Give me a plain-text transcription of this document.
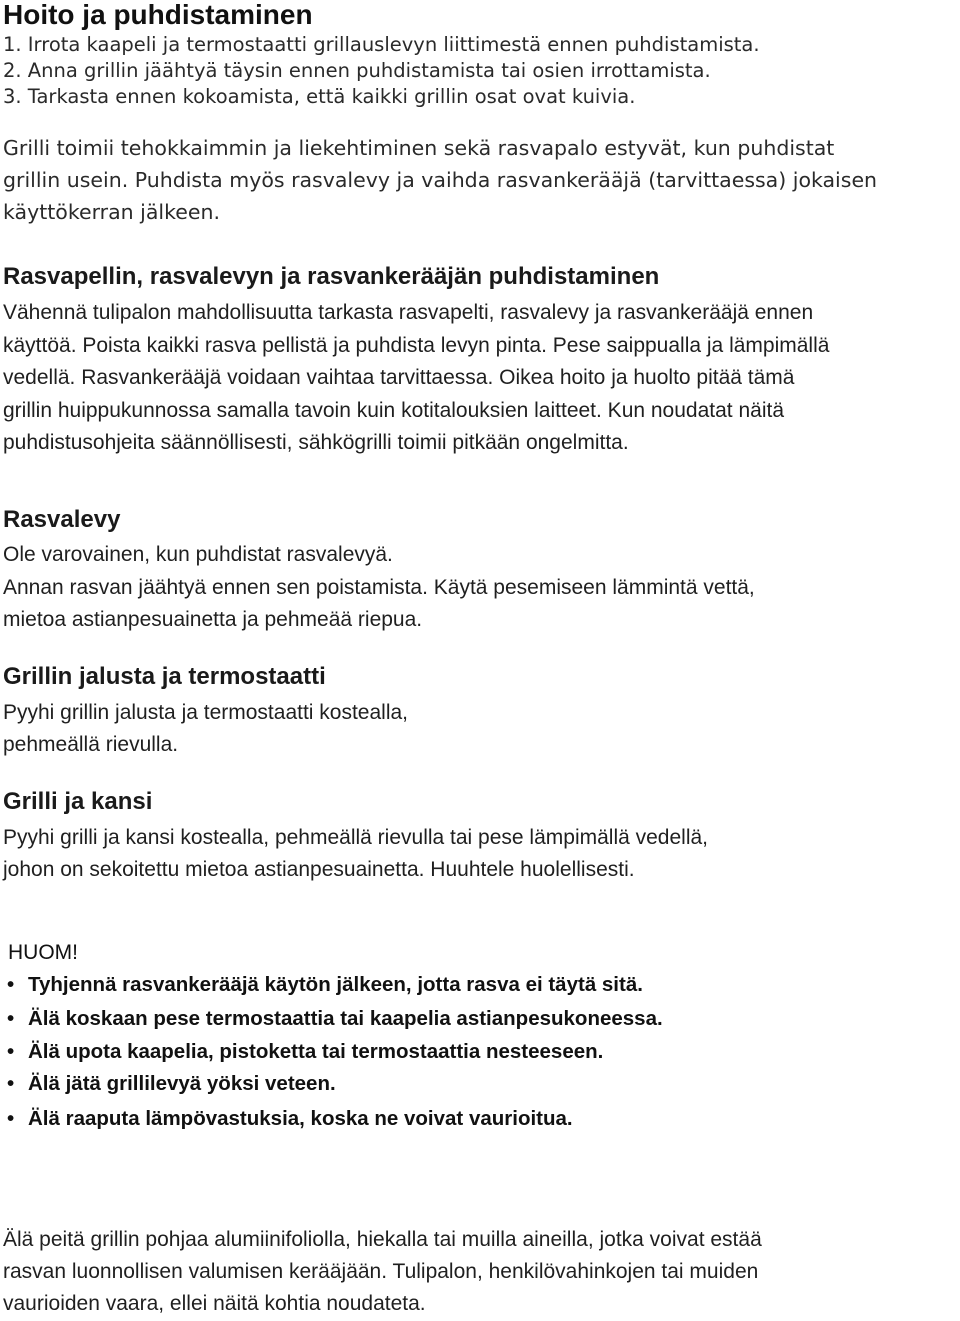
Hoito ja puhdistaminen
1. Irrota kaapeli ja termostaatti grillauslevyn liittimestä ennen puhdistamista.
2. Anna grillin jäähtyä täysin ennen puhdistamista tai osien irrottamista.
3. Tarkasta ennen kokoamista, että kaikki grillin osat ovat kuivia.
Grilli toimii tehokkaimmin ja liekehtiminen sekä rasvapalo estyvät, kun puhdistat
grillin usein. Puhdista myös rasvalevy ja vaihda rasvankerääjä (tarvittaessa) jokaisen
käyttökerran jälkeen.
Rasvapellin, rasvalevyn ja rasvankerääjän puhdistaminen
Vähennä tulipalon mahdollisuutta tarkasta rasvapelti, rasvalevy ja rasvankerääjä ennen
käyttöä. Poista kaikki rasva pellistä ja puhdista levyn pinta. Pese saippualla ja lämpimällä
vedellä. Rasvankerääjä voidaan vaihtaa tarvittaessa. Oikea hoito ja huolto pitää tämä
grillin huippukunnossa samalla tavoin kuin kotitalouksien laitteet. Kun noudatat näitä
puhdistusohjeita säännöllisesti, sähkögrilli toimii pitkään ongelmitta.
Rasvalevy
Ole varovainen, kun puhdistat rasvalevyä.
Annan rasvan jäähtyä ennen sen poistamista. Käytä pesemiseen lämmintä vettä,
mietoa astianpesuainetta ja pehmeää riepua.
Grillin jalusta ja termostaatti
Pyyhi grillin jalusta ja termostaatti kostealla,
pehmeällä rievulla.
Grilli ja kansi
Pyyhi grilli ja kansi kostealla, pehmeällä rievulla tai pese lämpimällä vedellä,
johon on sekoitettu mietoa astianpesuainetta. Huuhtele huolellisesti.
HUOM!
• Tyhjennä rasvankerääjä käytön jälkeen, jotta rasva ei täytä sitä.
• Älä koskaan pese termostaattia tai kaapelia astianpesukoneessa.
• Älä upota kaapelia, pistoketta tai termostaattia nesteeseen.
• Älä jätä grillilevyä yöksi veteen.
• Älä raaputa lämpövastuksia, koska ne voivat vaurioitua.
Älä peitä grillin pohjaa alumiinifoliolla, hiekalla tai muilla aineilla, jotka voivat estää
rasvan luonnollisen valumisen kerääjään. Tulipalon, henkilövahinkojen tai muiden
vaurioiden vaara, ellei näitä kohtia noudateta.
